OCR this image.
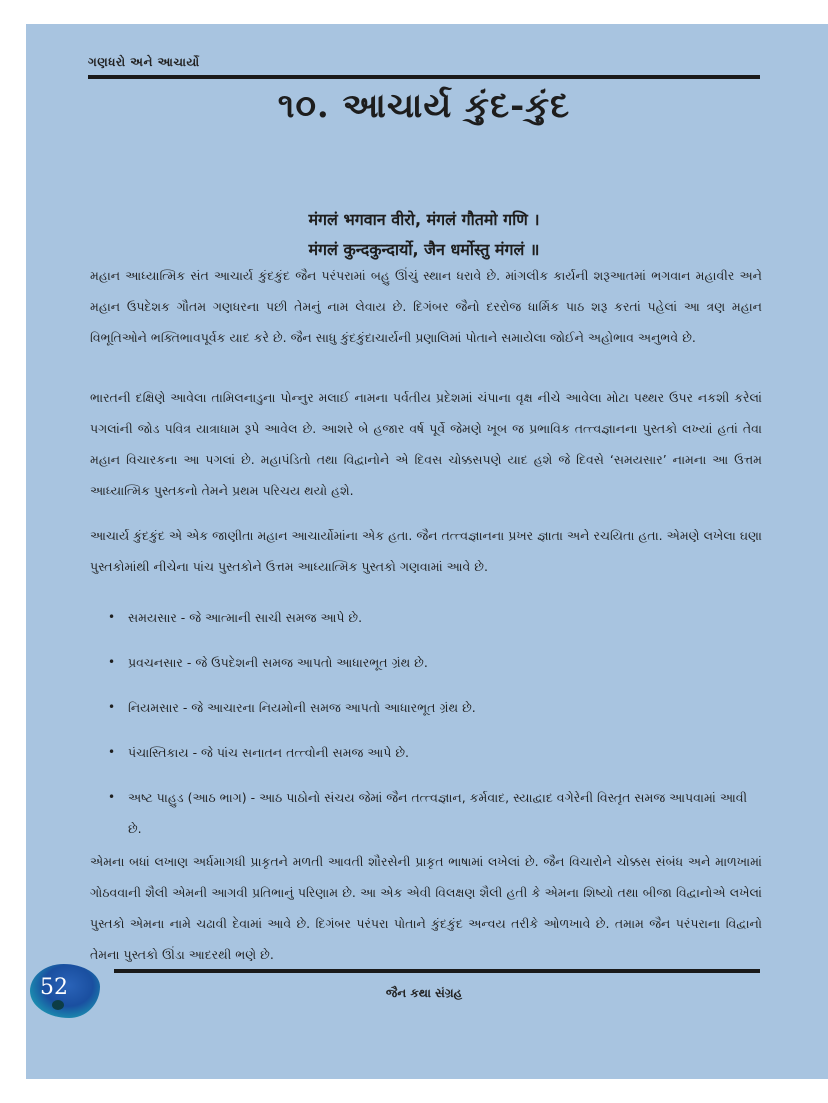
ગણધરો અને આચાર્યો
૧૦. આચાર્ય કુંદ-કુંદ
मंगलं भगवान वीरो, मंगलं गौतमो गणि ।
मंगलं कुन्दकुन्दार्यो, जैन धर्मोस्तु मंगलं ॥
મહાન આધ્યાત્મિક સંત આચાર્ય કુંદકુંદ જૈન પરંપરામાં બહુ ઊંચું સ્થાન ધરાવે છે. માંગલીક કાર્યની શરૂઆતમાં ભગવાન મહાવીર અને મહાન ઉપદેશક ગૌતમ ગણધરના પછી તેમનું નામ લેવાય છે. દિગંબર જૈનો દરરોજ ધાર્મિક પાઠ શરૂ કરતાં પહેલાં આ ત્રણ મહાન વિભૂતિઓને ભક્તિભાવપૂર્વક યાદ કરે છે. જૈન સાધુ કુંદકુંદાચાર્યની પ્રણાલિમાં પોતાને સમાયેલા જોઈને અહોભાવ અનુભવે છે.
ભારતની દક્ષિણે આવેલા તામિલનાડુના પોન્નુર મલાઈ નામના પર્વતીય પ્રદેશમાં ચંપાના વૃક્ષ નીચે આવેલા મોટા પથ્થર ઉપર નકશી કરેલાં પગલાંની જોડ પવિત્ર યાત્રાધામ રૂપે આવેલ છે. આશરે બે હજાર વર્ષ પૂર્વે જેમણે ખૂબ જ પ્રભાવિક તત્ત્વજ્ઞાનના પુસ્તકો લખ્યાં હતાં તેવા મહાન વિચારકના આ પગલાં છે. મહાપંડિતો તથા વિદ્વાનોને એ દિવસ ચોક્કસપણે યાદ હશે જે દિવસે ‘સમયસાર’ નામના આ ઉત્તમ આધ્યાત્મિક પુસ્તકનો તેમને પ્રથમ પરિચય થયો હશે.
આચાર્ય કુંદકુંદ એ એક જાણીતા મહાન આચાર્યોમાંના એક હતા. જૈન તત્ત્વજ્ઞાનના પ્રખર જ્ઞાતા અને રચયિતા હતા. એમણે લખેલા ઘણા પુસ્તકોમાંથી નીચેના પાંચ પુસ્તકોને ઉત્તમ આધ્યાત્મિક પુસ્તકો ગણવામાં આવે છે.
• સમયસાર - જે આત્માની સાચી સમજ આપે છે.
• પ્રવચનસાર - જે ઉપદેશની સમજ આપતો આધારભૂત ગ્રંથ છે.
• નિયમસાર - જે આચારના નિયમોની સમજ આપતો આધારભૂત ગ્રંથ છે.
• પંચાસ્તિકાય - જે પાંચ સનાતન તત્ત્વોની સમજ આપે છે.
• અષ્ટ પાહુડ (આઠ ભાગ) - આઠ પાઠોનો સંચય જેમાં જૈન તત્ત્વજ્ઞાન, કર્મવાદ, સ્યાદ્વાદ વગેરેની વિસ્તૃત સમજ આપવામાં આવી છે.
એમના બધાં લખાણ અર્ધમાગધી પ્રાકૃતને મળતી આવતી શૌરસેની પ્રાકૃત ભાષામાં લખેલાં છે. જૈન વિચારોને ચોક્કસ સંબંધ અને માળખામાં ગોઠવવાની શૈલી એમની આગવી પ્રતિભાનું પરિણામ છે. આ એક એવી વિલક્ષણ શૈલી હતી કે એમના શિષ્યો તથા બીજા વિદ્વાનોએ લખેલાં પુસ્તકો એમના નામે ચઢાવી દેવામાં આવે છે. દિગંબર પરંપરા પોતાને કુંદકુંદ અન્વય તરીકે ઓળખાવે છે. તમામ જૈન પરંપરાના વિદ્વાનો તેમના પુસ્તકો ઊંડા આદરથી ભણે છે.
52	જૈન કથા સંગ્રહ
